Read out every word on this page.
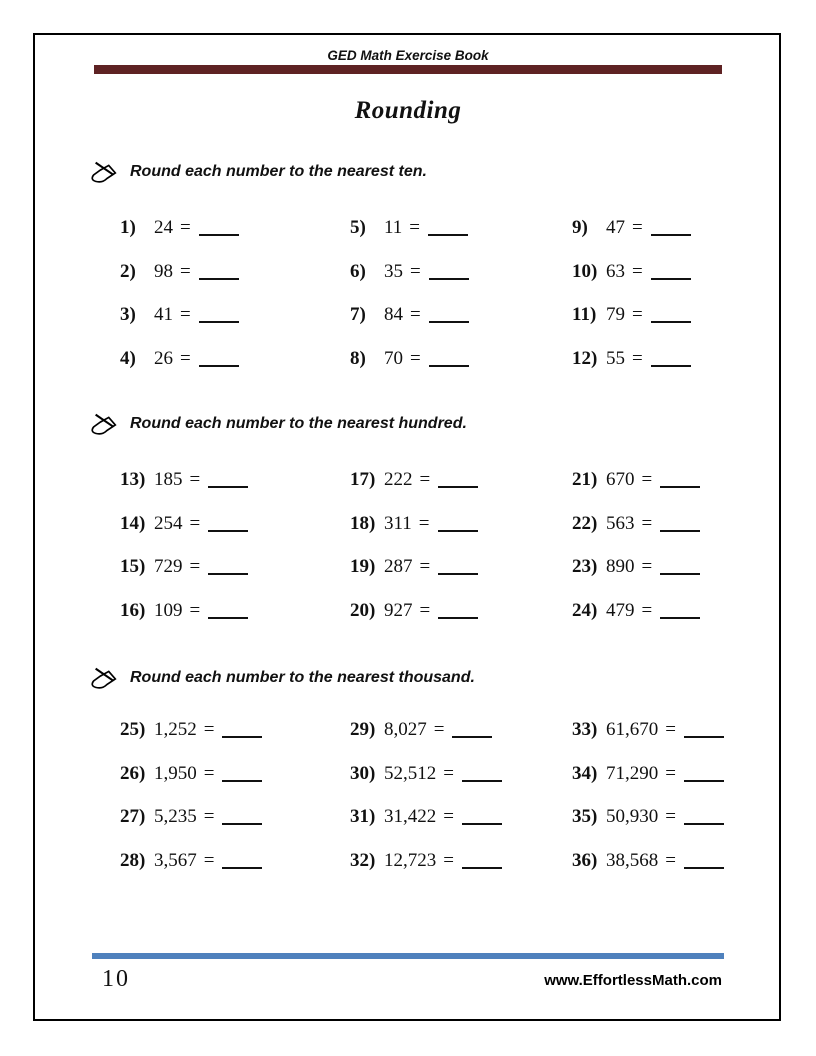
GED Math Exercise Book
Rounding
Round each number to the nearest ten.
1) 24 =	5) 11 =	9) 47 =
2) 98 =	6) 35 =	10) 63 =
3) 41 =	7) 84 =	11) 79 =
4) 26 =	8) 70 =	12) 55 =
Round each number to the nearest hundred.
13) 185 =	17) 222 =	21) 670 =
14) 254 =	18) 311 =	22) 563 =
15) 729 =	19) 287 =	23) 890 =
16) 109 =	20) 927 =	24) 479 =
Round each number to the nearest thousand.
25) 1,252 =	29) 8,027 =	33) 61,670 =
26) 1,950 =	30) 52,512 =	34) 71,290 =
27) 5,235 =	31) 31,422 =	35) 50,930 =
28) 3,567 =	32) 12,723 =	36) 38,568 =
10	www.EffortlessMath.com
